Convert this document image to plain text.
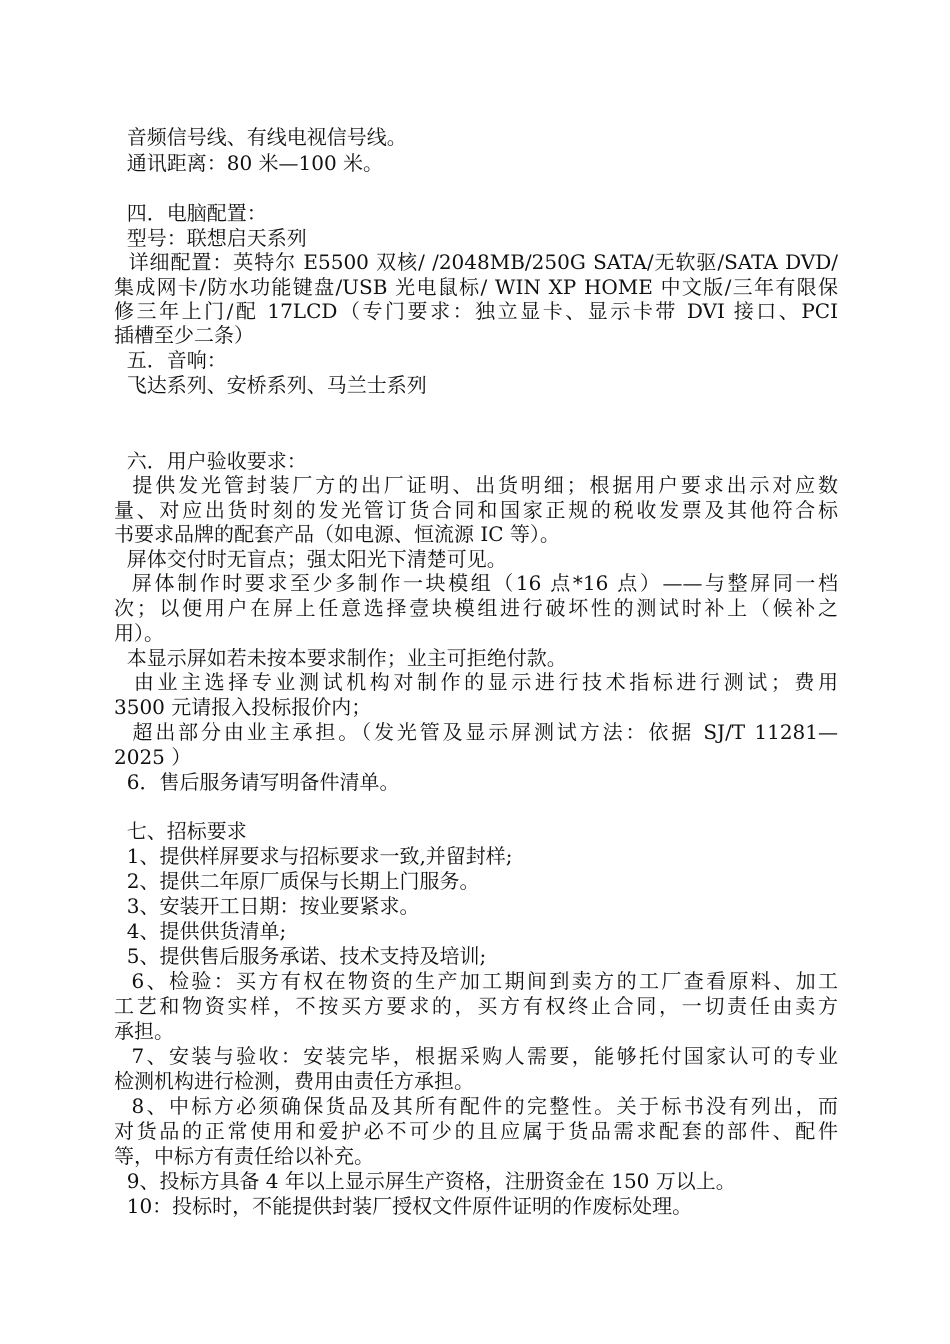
音频信号线、有线电视信号线。
通讯距离：80 米—100 米。
四．电脑配置：
型号：联想启天系列
详细配置：英特尔 E5500 双核/ /2048MB/250G SATA/无软驱/SATA DVD/
集成网卡/防水功能键盘/USB 光电鼠标/ WIN XP HOME 中文版/三年有限保
修三年上门/配 17LCD（专门要求：独立显卡、显示卡带 DVI 接口、PCI
插槽至少二条）
五．音响：
飞达系列、安桥系列、马兰士系列
六．用户验收要求：
提供发光管封装厂方的出厂证明、出货明细；根据用户要求出示对应数
量、对应出货时刻的发光管订货合同和国家正规的税收发票及其他符合标
书要求品牌的配套产品（如电源、恒流源 IC 等）。
屏体交付时无盲点；强太阳光下清楚可见。
屏体制作时要求至少多制作一块模组（16 点*16 点）——与整屏同一档
次；以便用户在屏上任意选择壹块模组进行破坏性的测试时补上（候补之
用）。
本显示屏如若未按本要求制作；业主可拒绝付款。
由业主选择专业测试机构对制作的显示进行技术指标进行测试；费用
3500 元请报入投标报价内；
超出部分由业主承担。（发光管及显示屏测试方法：依据 SJ/T 11281—
2025 ）
6．售后服务请写明备件清单。
七、招标要求
1、提供样屏要求与招标要求一致,并留封样;
2、提供二年原厂质保与长期上门服务。
3、安装开工日期：按业要紧求。
4、提供供货清单;
5、提供售后服务承诺、技术支持及培训;
6、检验：买方有权在物资的生产加工期间到卖方的工厂查看原料、加工
工艺和物资实样，不按买方要求的，买方有权终止合同，一切责任由卖方
承担。
7、安装与验收：安装完毕，根据采购人需要，能够托付国家认可的专业
检测机构进行检测，费用由责任方承担。
8、中标方必须确保货品及其所有配件的完整性。关于标书没有列出，而
对货品的正常使用和爱护必不可少的且应属于货品需求配套的部件、配件
等，中标方有责任给以补充。
9、投标方具备 4 年以上显示屏生产资格，注册资金在 150 万以上。
10：投标时，不能提供封装厂授权文件原件证明的作废标处理。
